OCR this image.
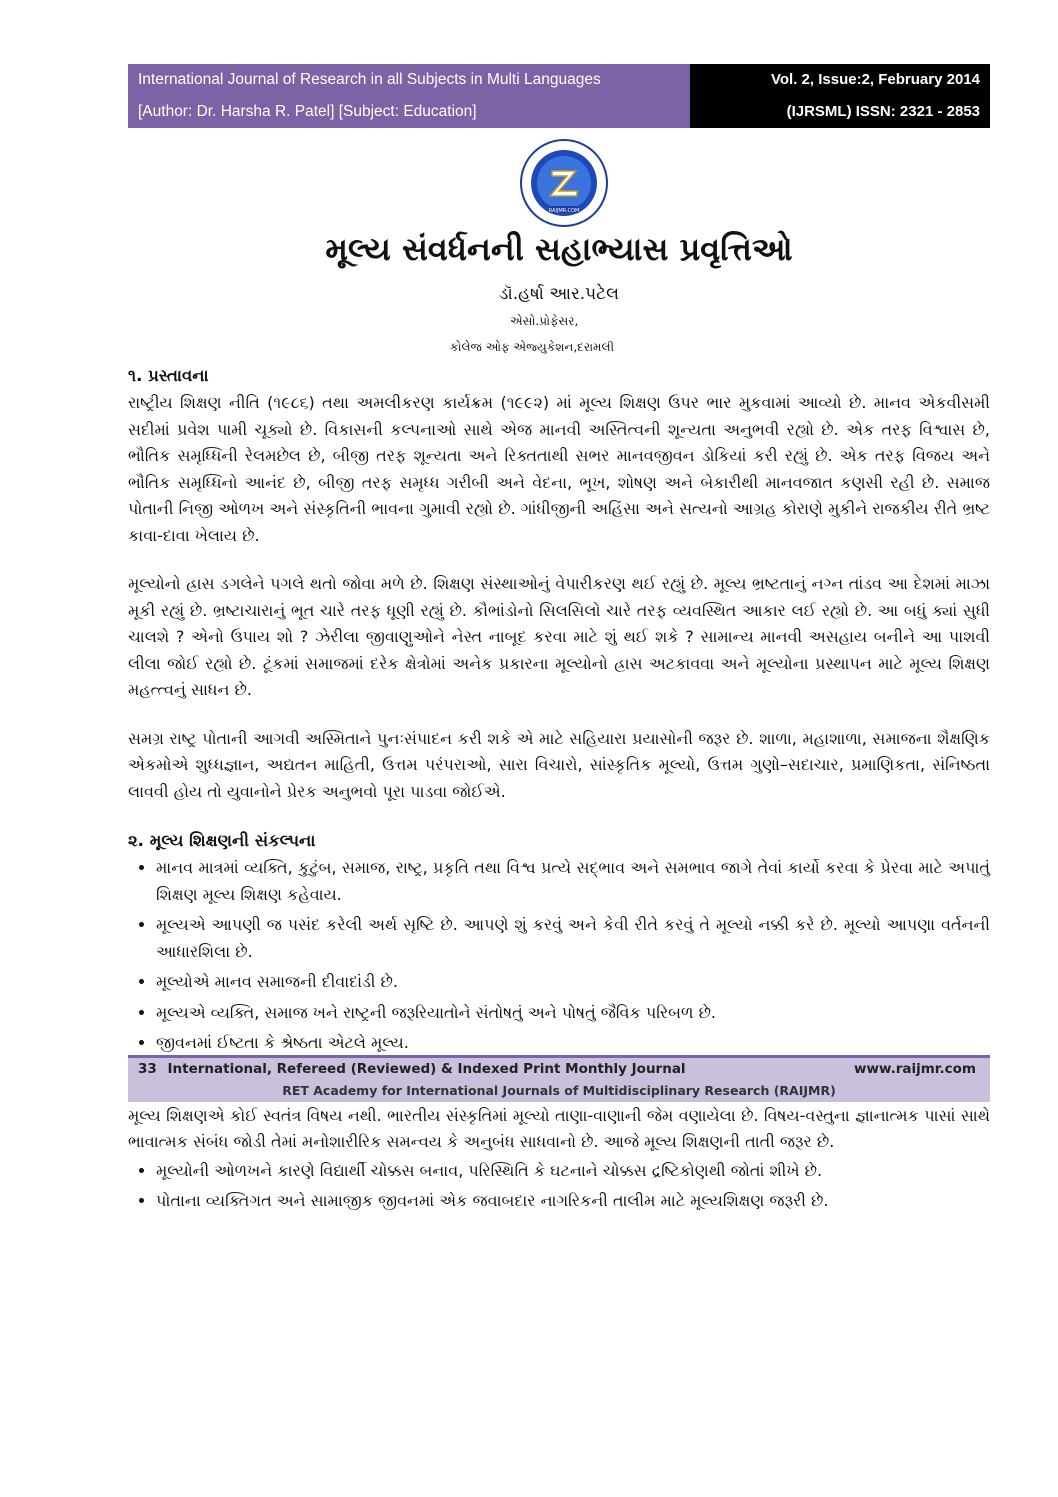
International Journal of Research in all Subjects in Multi Languages
[Author: Dr. Harsha R. Patel] [Subject: Education]
Vol. 2, Issue:2, February 2014
(IJRSML) ISSN: 2321 - 2853
RAIJMR.COM
મૂલ્ય સંવર્ધનની સહાભ્યાસ પ્રવૃત્તિઓ
ડૉ.હર્ષા આર.પટેલ
એસો.પ્રોફેસર,
કોલેજ ઓફ એજ્યુકેશન,દરામલી
૧. પ્રસ્તાવના

રાષ્ટ્રીય શિક્ષણ નીતિ (૧૯૮૬) તથા અમલીકરણ કાર્યક્રમ (૧૯૯૨) માં મૂલ્ય શિક્ષણ ઉપર ભાર મુકવામાં આવ્યો છે. માનવ એકવીસમી સદીમાં પ્રવેશ પામી ચૂક્યો છે. વિકાસની કલ્પનાઓ સાથે એજ માનવી અસ્તિત્વની શૂન્યતા અનુભવી રહ્યો છે. એક તરફ વિશ્વાસ છે, ભૌતિક સમૃધ્ધિની રેલમછેલ છે, બીજી તરફ શૂન્યતા અને રિક્તતાથી સભર માનવજીવન ડોકિયાં કરી રહ્યું છે. એક તરફ વિજય અને ભૌતિક સમૃધ્ધિનો આનંદ છે, બીજી તરફ સમૃધ્ધ ગરીબી અને વેદના, ભૂખ, શોષણ અને બેકારીથી માનવજાત કણસી રહી છે. સમાજ પોતાની નિજી ઓળખ અને સંસ્કૃતિની ભાવના ગુમાવી રહ્યો છે. ગાંધીજીની અહિંસા અને સત્યનો આગ્રહ કોરાણે મુકીને રાજકીય રીતે ભ્રષ્ટ કાવા-દાવા ખેલાય છે.

મૂલ્યોનો હ્રાસ ડગલેને પગલે થતો જોવા મળે છે. શિક્ષણ સંસ્થાઓનું વેપારીકરણ થઈ રહ્યું છે. મૂલ્ય ભ્રષ્ટતાનું નગ્ન તાંડવ આ દેશમાં માઝા મૂકી રહ્યું છે. ભ્રષ્ટાચારાનું ભૂત ચારે તરફ ધૂણી રહ્યું છે. કૌભાંડોનો સિલસિલો ચારે તરફ વ્યવસ્થિત આકાર લઈ રહ્યો છે. આ બધું ક્યાં સુધી ચાલશે ? એનો ઉપાય શો ? ઝેરીલા જીવાણુઓને નેસ્ત નાબૂદ કરવા માટે શું થઈ શકે ? સામાન્ય માનવી અસહાય બનીને આ પાશવી લીલા જોઈ રહ્યો છે. ટૂંકમાં સમાજમાં દરેક ક્ષેત્રોમાં અનેક પ્રકારના મૂલ્યોનો હ્રાસ અટકાવવા અને મૂલ્યોના પ્રસ્થાપન માટે મૂલ્ય શિક્ષણ મહત્ત્વનું સાધન છે.

સમગ્ર રાષ્ટ્ર પોતાની આગવી અસ્મિતાને પુનઃસંપાદન કરી શકે એ માટે સહિયારા પ્રયાસોની જરૂર છે. શાળા, મહાશાળા, સમાજના શૈક્ષણિક એકમોએ શુધ્ધજ્ઞાન, અદ્યતન માહિતી, ઉત્તમ પરંપરાઓ, સારા વિચારો, સાંસ્કૃતિક મૂલ્યો, ઉત્તમ ગુણો–સદાચાર, પ્રમાણિકતા, સંનિષ્ઠતા લાવવી હોય તો યુવાનોને પ્રેરક અનુભવો પૂરા પાડવા જોઈએ.

૨. મૂલ્ય શિક્ષણની સંકલ્પના
• માનવ માત્રમાં વ્યક્તિ, કુટુંબ, સમાજ, રાષ્ટ્ર, પ્રકૃતિ તથા વિશ્વ પ્રત્યે સદ્ભાવ અને સમભાવ જાગે તેવાં કાર્યો કરવા કે પ્રેરવા માટે અપાતું શિક્ષણ મૂલ્ય શિક્ષણ કહેવાય.
• મૂલ્યએ આપણી જ પસંદ કરેલી અર્થ સૃષ્ટિ છે. આપણે શું કરવું અને કેવી રીતે કરવું તે મૂલ્યો નક્કી કરે છે. મૂલ્યો આપણા વર્તનની આધારશિલા છે.
• મૂલ્યોએ માનવ સમાજની દીવાદાંડી છે.
• મૂલ્યએ વ્યક્તિ, સમાજ ખને રાષ્ટ્રની જરૂરિયાતોને સંતોષતું અને પોષતું જૈવિક પરિબળ છે.
• જીવનમાં ઈષ્ટતા કે શ્રેષ્ઠતા એટલે મૂલ્ય.

મૂલ્ય શિક્ષણએ કોઈ સ્વતંત્ર વિષય નથી. ભારતીય સંસ્કૃતિમાં મૂલ્યો તાણા-વાણાની જેમ વણાયેલા છે. વિષય-વસ્તુના જ્ઞાનાત્મક પાસાં સાથે ભાવાત્મક સંબંધ જોડી તેમાં મનોશારીરિક સમન્વય કે અનુબંધ સાધવાનો છે. આજે મૂલ્ય શિક્ષણની તાતી જરૂર છે.

• મૂલ્યોની ઓળખને કારણે વિદ્યાર્થી ચોક્કસ બનાવ, પરિસ્થિતિ કે ઘટનાને ચોક્કસ દ્રષ્ટિકોણથી જોતાં શીખે છે.
• પોતાના વ્યક્તિગત અને સામાજીક જીવનમાં એક જવાબદાર નાગરિકની તાલીમ માટે મૂલ્યશિક્ષણ જરૂરી છે.
33 International, Refereed (Reviewed) & Indexed Print Monthly Journal	www.raijmr.com
RET Academy for International Journals of Multidisciplinary Research (RAIJMR)
